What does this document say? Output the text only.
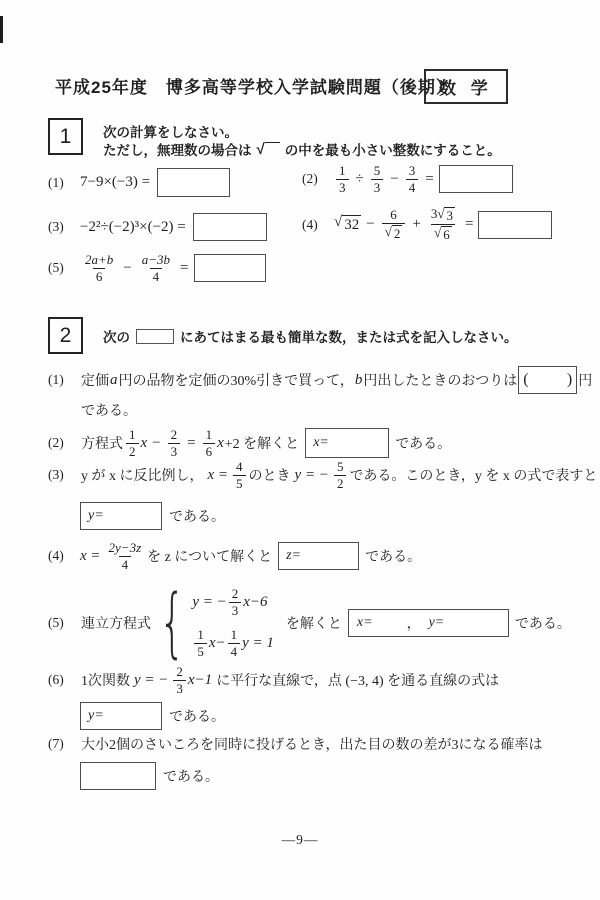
平成25年度　博多高等学校入学試験問題（後期）
数 学
1 次の計算をしなさい。
ただし，無理数の場合は √ の中を最も小さい整数にすること。
(1)	7−9×(−3) =	(2)	$\frac{1}{3} \div \frac{5}{3} - \frac{3}{4}$ =
(3)	−2²÷(−2)³×(−2) =	(4)	√ $32 - \frac{6}{√ 2} + \frac{3 √ 3}{√ 6}$ =
(5)	$\frac{2a+b}{6} - \frac{a-3b}{4}$ =
2 次の	にあてはまる最も簡単な数，または式を記入しなさい。
(1)	定価 a 円の品物を定価の30%引きで買って， b 円出したときのおつりは ( ) 円
である。
(2)	方程式 $\frac{1}{2}$ $x - \frac{2}{3} = \frac{1}{6}$ x +2 を解くと	x=	である。
(3)	y が x に反比例し， $x = \frac{4}{5}$ のとき y = − $\frac{5}{2}$ である。このとき，y を x の式で表すと
y=	である。
(4)	$x = \frac{2y-3z}{4}$ を z について解くと	z=	である。
(5)	連立方程式 { y = − $\frac{2}{3} x-6$
$\frac{1}{5} x- \frac{1}{4}$ y = 1
を解くと x= ， y=	である。
(6)	1次関数 y = − $\frac{2}{3} x-1$ に平行な直線で，点 (−3, 4) を通る直線の式は
y=	である。
(7)	大小2個のさいころを同時に投げるとき，出た目の数の差が3になる確率は
である。
—9—
